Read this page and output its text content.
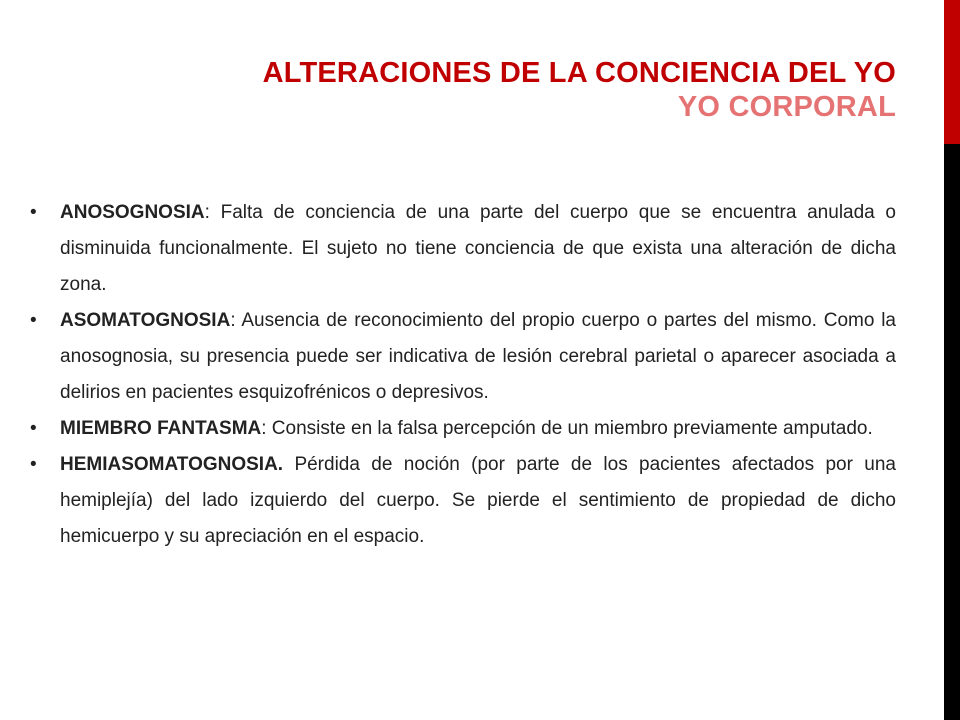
ALTERACIONES DE LA CONCIENCIA DEL YO
YO CORPORAL
•	ANOSOGNOSIA: Falta de conciencia de una parte del cuerpo que se encuentra anulada o disminuida funcionalmente. El sujeto no tiene conciencia de que exista una alteración de dicha zona.
•	ASOMATOGNOSIA: Ausencia de reconocimiento del propio cuerpo o partes del mismo. Como la anosognosia, su presencia puede ser indicativa de lesión cerebral parietal o aparecer asociada a delirios en pacientes esquizofrénicos o depresivos.
•	MIEMBRO FANTASMA: Consiste en la falsa percepción de un miembro previamente amputado.
•	HEMIASOMATOGNOSIA. Pérdida de noción (por parte de los pacientes afectados por una hemiplejía) del lado izquierdo del cuerpo. Se pierde el sentimiento de propiedad de dicho hemicuerpo y su apreciación en el espacio.
